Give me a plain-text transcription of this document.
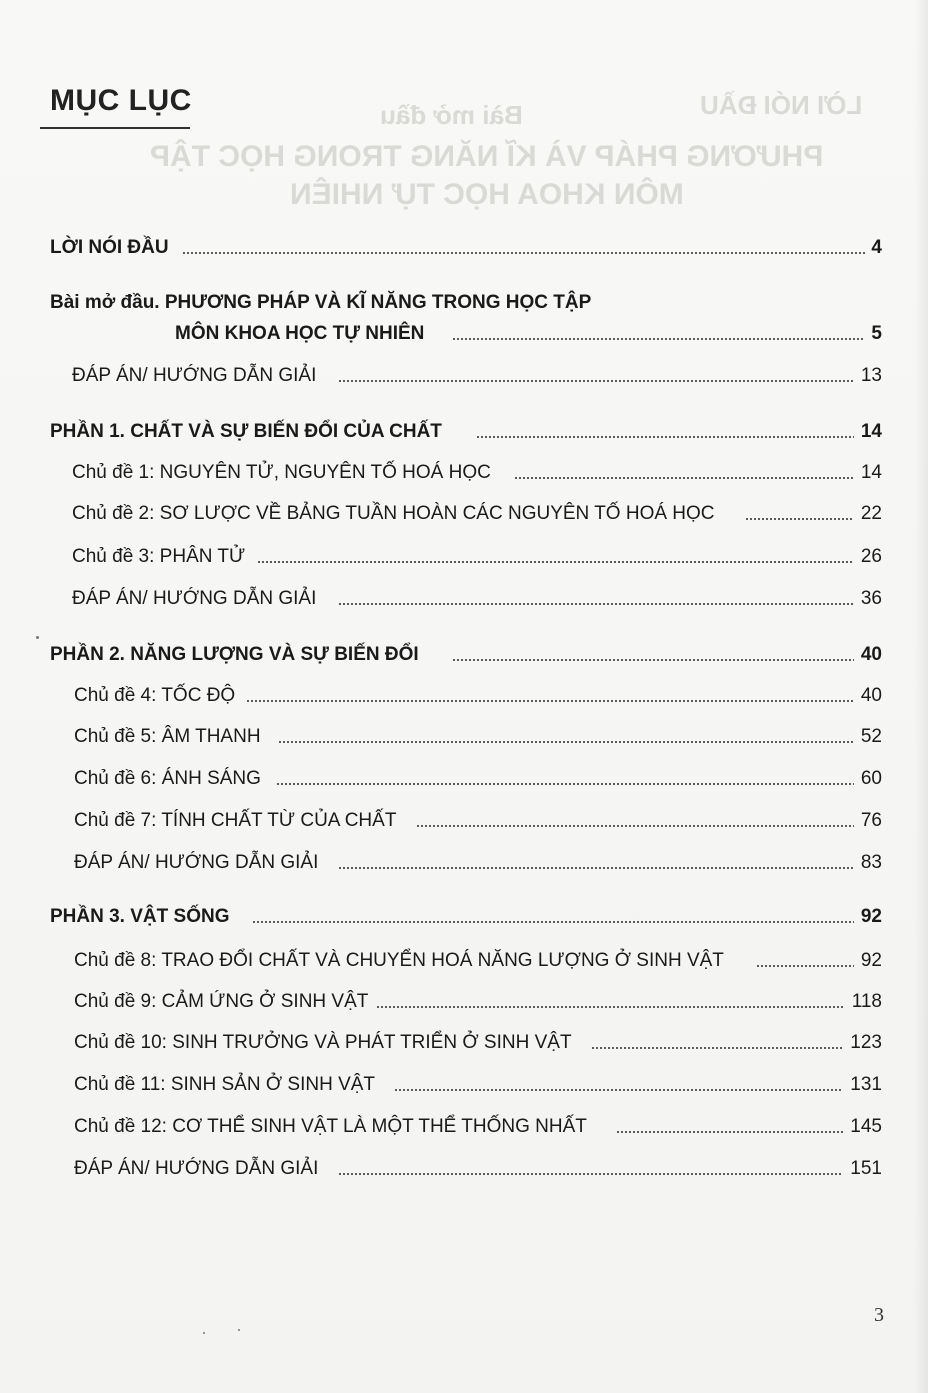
LỜI NÓI ĐẦU
Bài mở đầu
PHƯƠNG PHÁP VÀ KĨ NĂNG TRONG HỌC TẬP
MÔN KHOA HỌC TỰ NHIÊN
MỤC LỤC
LỜI NÓI ĐẦU	4
Bài mở đầu. PHƯƠNG PHÁP VÀ KĨ NĂNG TRONG HỌC TẬP
MÔN KHOA HỌC TỰ NHIÊN	5
ĐÁP ÁN/ HƯỚNG DẪN GIẢI	13
PHẦN 1. CHẤT VÀ SỰ BIẾN ĐỔI CỦA CHẤT	14
Chủ đề 1: NGUYÊN TỬ, NGUYÊN TỐ HOÁ HỌC	14
Chủ đề 2: SƠ LƯỢC VỀ BẢNG TUẦN HOÀN CÁC NGUYÊN TỐ HOÁ HỌC	22
Chủ đề 3: PHÂN TỬ	26
ĐÁP ÁN/ HƯỚNG DẪN GIẢI	36
PHẦN 2. NĂNG LƯỢNG VÀ SỰ BIẾN ĐỔI	40
Chủ đề 4: TỐC ĐỘ	40
Chủ đề 5: ÂM THANH	52
Chủ đề 6: ÁNH SÁNG	60
Chủ đề 7: TÍNH CHẤT TỪ CỦA CHẤT	76
ĐÁP ÁN/ HƯỚNG DẪN GIẢI	83
PHẦN 3. VẬT SỐNG	92
Chủ đề 8: TRAO ĐỔI CHẤT VÀ CHUYỂN HOÁ NĂNG LƯỢNG Ở SINH VẬT	92
Chủ đề 9: CẢM ỨNG Ở SINH VẬT	118
Chủ đề 10: SINH TRƯỞNG VÀ PHÁT TRIỂN Ở SINH VẬT	123
Chủ đề 11: SINH SẢN Ở SINH VẬT	131
Chủ đề 12: CƠ THỂ SINH VẬT LÀ MỘT THỂ THỐNG NHẤT	145
ĐÁP ÁN/ HƯỚNG DẪN GIẢI	151
3
